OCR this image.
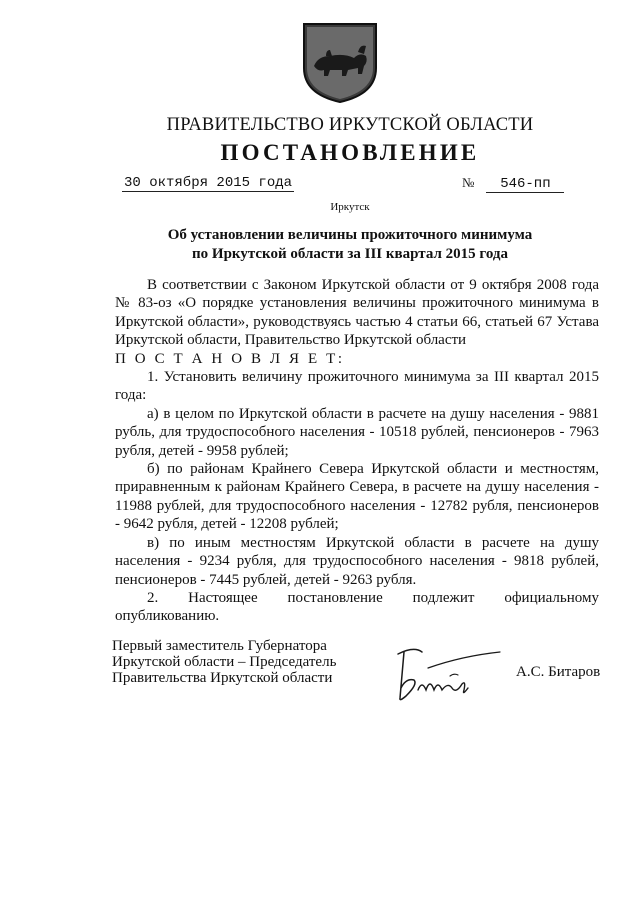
ПРАВИТЕЛЬСТВО ИРКУТСКОЙ ОБЛАСТИ
ПОСТАНОВЛЕНИЕ
30 октября 2015 года	№ 546-пп
Иркутск
Об установлении величины прожиточного минимума
по Иркутской области за III квартал 2015 года

В соответствии с Законом Иркутской области от 9 октября 2008 года № 83-оз «О порядке установления величины прожиточного минимума в Иркутской области», руководствуясь частью 4 статьи 66, статьей 67 Устава Иркутской области, Правительство Иркутской области

П О С Т А Н О В Л Я Е Т:

1. Установить величину прожиточного минимума за III квартал 2015 года:

а) в целом по Иркутской области в расчете на душу населения - 9881 рубль, для трудоспособного населения - 10518 рублей, пенсионеров - 7963 рубля, детей - 9958 рублей;

б) по районам Крайнего Севера Иркутской области и местностям, приравненным к районам Крайнего Севера, в расчете на душу населения - 11988 рублей, для трудоспособного населения - 12782 рубля, пенсионеров - 9642 рубля, детей - 12208 рублей;

в) по иным местностям Иркутской области в расчете на душу населения - 9234 рубля, для трудоспособного населения - 9818 рублей, пенсионеров - 7445 рублей, детей - 9263 рубля.

2. Настоящее постановление подлежит официальному опубликованию.

Первый заместитель Губернатора
Иркутской области – Председатель
Правительства Иркутской области	А.С. Битаров
